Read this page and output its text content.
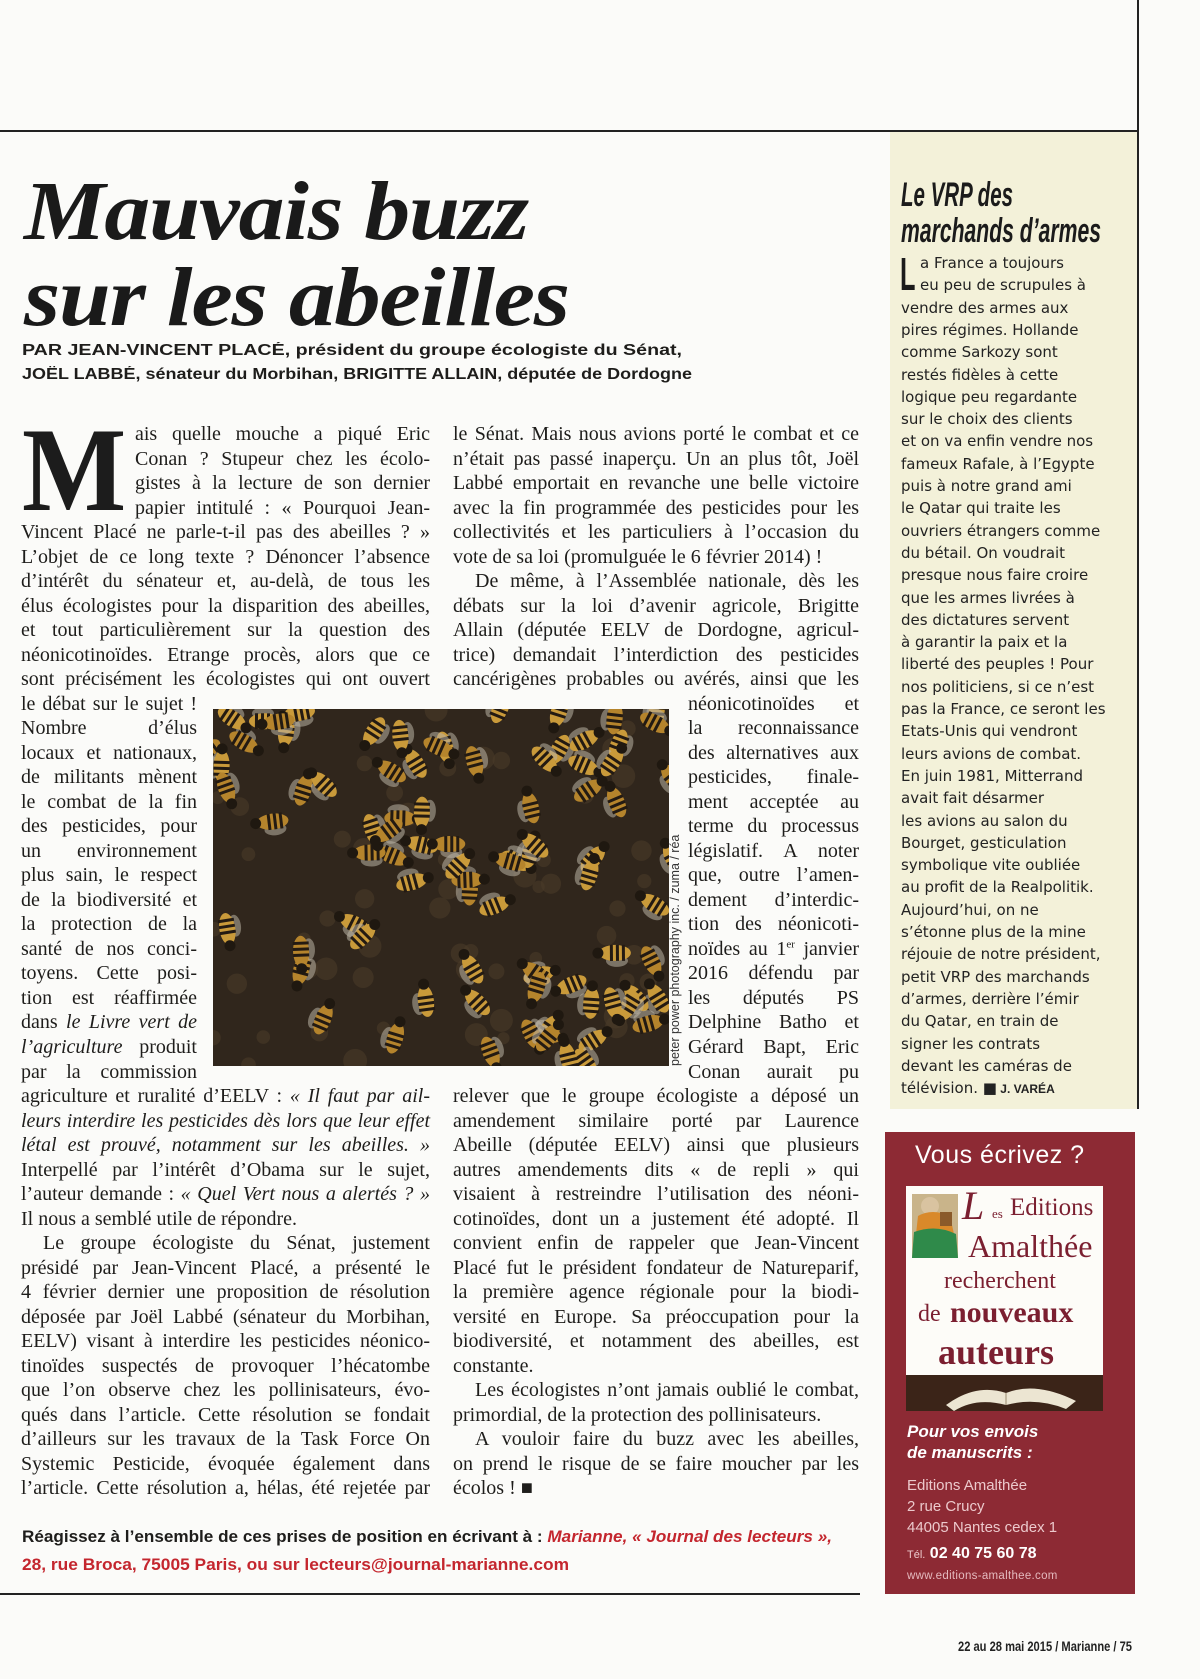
Le VRP des
marchands d’armes
L a France a toujours
eu peu de scrupules à
vendre des armes aux
pires régimes. Hollande
comme Sarkozy sont
restés fidèles à cette
logique peu regardante
sur le choix des clients
et on va enfin vendre nos
fameux Rafale, à l’Egypte
puis à notre grand ami
le Qatar qui traite les
ouvriers étrangers comme
du bétail. On voudrait
presque nous faire croire
que les armes livrées à
des dictatures servent
à garantir la paix et la
liberté des peuples ! Pour
nos politiciens, si ce n’est
pas la France, ce seront les
Etats-Unis qui vendront
leurs avions de combat.
En juin 1981, Mitterrand
avait fait désarmer
les avions au salon du
Bourget, gesticulation
symbolique vite oubliée
au profit de la Realpolitik.
Aujourd’hui, on ne
s’étonne plus de la mine
réjouie de notre président,
petit VRP des marchands
d’armes, derrière l’émir
du Qatar, en train de
signer les contrats
devant les caméras de
télévision. ■ J. VARÉA
Mauvais buzz
sur les abeilles
PAR JEAN-VINCENT PLACÉ, président du groupe écologiste du Sénat,
JOËL LABBÉ, sénateur du Morbihan, BRIGITTE ALLAIN, députée de Dordogne
M ais quelle mouche a piqué Eric
Conan ? Stupeur chez les écolo-
gistes à la lecture de son dernier
papier intitulé : « Pourquoi Jean-
Vincent Placé ne parle-t-il pas des abeilles ? »
L’objet de ce long texte ? Dénoncer l’absence
d’intérêt du sénateur et, au-delà, de tous les
élus écologistes pour la disparition des abeilles,
et tout particulièrement sur la question des
néonicotinoïdes. Etrange procès, alors que ce
sont précisément les écologistes qui ont ouvert
le débat sur le sujet !
Nombre d’élus
locaux et nationaux,
de militants mènent
le combat de la fin
des pesticides, pour
un environnement
plus sain, le respect
de la biodiversité et
la protection de la
santé de nos conci-
toyens. Cette posi-
tion est réaffirmée
dans le Livre vert de
l’agriculture produit
par la commission
agriculture et ruralité d’EELV : « Il faut par ail-
leurs interdire les pesticides dès lors que leur effet
létal est prouvé, notamment sur les abeilles. »
Interpellé par l’intérêt d’Obama sur le sujet,
l’auteur demande : « Quel Vert nous a alertés ? »
Il nous a semblé utile de répondre.
Le groupe écologiste du Sénat, justement
présidé par Jean-Vincent Placé, a présenté le
4 février dernier une proposition de résolution
déposée par Joël Labbé (sénateur du Morbihan,
EELV) visant à interdire les pesticides néonico-
tinoïdes suspectés de provoquer l’hécatombe
que l’on observe chez les pollinisateurs, évo-
qués dans l’article. Cette résolution se fondait
d’ailleurs sur les travaux de la Task Force On
Systemic Pesticide, évoquée également dans
l’article. Cette résolution a, hélas, été rejetée par
le Sénat. Mais nous avions porté le combat et ce
n’était pas passé inaperçu. Un an plus tôt, Joël
Labbé emportait en revanche une belle victoire
avec la fin programmée des pesticides pour les
collectivités et les particuliers à l’occasion du
vote de sa loi (promulguée le 6 février 2014) !
De même, à l’Assemblée nationale, dès les
débats sur la loi d’avenir agricole, Brigitte
Allain (députée EELV de Dordogne, agricul-
trice) demandait l’interdiction des pesticides
cancérigènes probables ou avérés, ainsi que les
néonicotinoïdes et
la reconnaissance
des alternatives aux
pesticides, finale-
ment acceptée au
terme du processus
législatif. A noter
que, outre l’amen-
dement d’interdic-
tion des néonicoti-
noïdes au 1er janvier
2016 défendu par
les députés PS
Delphine Batho et
Gérard Bapt, Eric
Conan aurait pu
relever que le groupe écologiste a déposé un
amendement similaire porté par Laurence
Abeille (députée EELV) ainsi que plusieurs
autres amendements dits « de repli » qui
visaient à restreindre l’utilisation des néoni-
cotinoïdes, dont un a justement été adopté. Il
convient enfin de rappeler que Jean-Vincent
Placé fut le président fondateur de Natureparif,
la première agence régionale pour la biodi-
versité en Europe. Sa préoccupation pour la
biodiversité, et notamment des abeilles, est
constante.
Les écologistes n’ont jamais oublié le combat,
primordial, de la protection des pollinisateurs.
A vouloir faire du buzz avec les abeilles,
on prend le risque de se faire moucher par les
écolos ! ■
peter power photography inc. / zuma / réa
Vous écrivez ?
L es Editions
Amalthée
recherchent
de nouveaux
auteurs
Pour vos envois
de manuscrits :
Editions Amalthée
2 rue Crucy
44005 Nantes cedex 1
Tél. 02 40 75 60 78
www.editions-amalthee.com
Réagissez à l’ensemble de ces prises de position en écrivant à : Marianne, « Journal des lecteurs »,
28, rue Broca, 75005 Paris, ou sur lecteurs@journal-marianne.com
22 au 28 mai 2015 / Marianne / 75
